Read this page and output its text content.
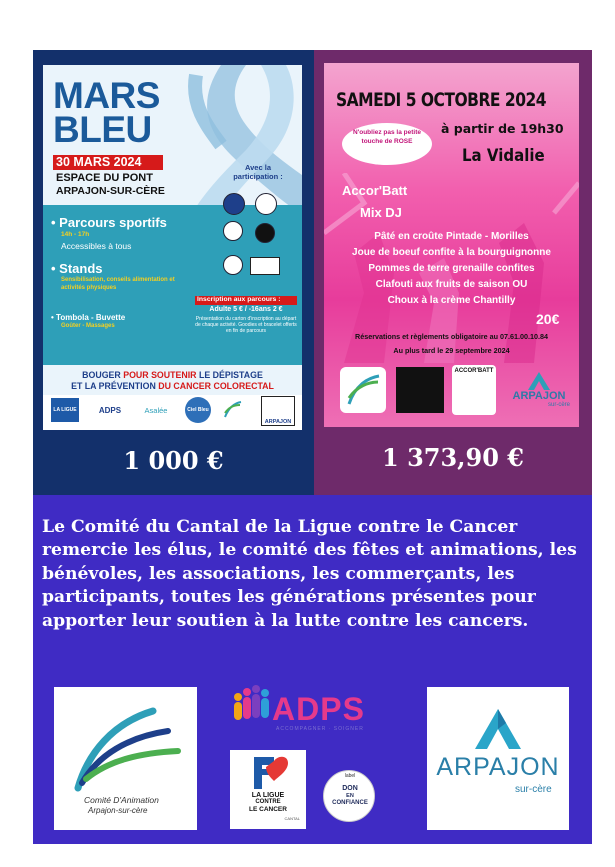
MARS
BLEU
30 MARS 2024
ESPACE DU PONT
ARPAJON-SUR-CÈRE
Avec la participation :
• Parcours sportifs
14h - 17h
Accessibles à tous
• Stands
Sensibilisation, conseils alimentation et activités physiques
• Tombola - Buvette
Goûter - Massages
Inscription aux parcours :
Adulte 5 € / -16ans 2 €
Présentation du carton d'inscription au départ de chaque activité. Goodies et bracelet offerts en fin de parcours
BOUGER POUR SOUTENIR LE DÉPISTAGE
ET LA PRÉVENTION DU CANCER COLORECTAL
LA LIGUE	ADPS	Asalée	Ciel Bleu
ARPAJON
SAMEDI 5 OCTOBRE 2024
N'oubliez pas la petite touche de ROSE
à partir de 19h30
La Vidalie
Accor'Batt
Mix DJ
Pâté en croûte Pintade - Morilles
Joue de boeuf confite à la bourguignonne
Pommes de terre grenaille confites
Clafouti aux fruits de saison OU
Choux à la crème Chantilly
20€
Réservations et règlements obligatoire au 07.61.00.10.84
Au plus tard le 29 septembre 2024
ACCOR'BATT
ARPAJON
sur-cère
1 000 €	1 373,90 €
Le Comité du Cantal de la Ligue contre le Cancer remercie les élus, le comité des fêtes et animations, les bénévoles, les associations, les commerçants, les participants, toutes les générations présentes pour apporter leur soutien à la lutte contre les cancers.
Comité D'Animation
Arpajon-sur-cère
ADPS
ACCOMPAGNER · SOIGNER
LA LIGUE
CONTRE
LE CANCER
CANTAL
label
DON
EN
CONFIANCE
ARPAJON
sur-cère
